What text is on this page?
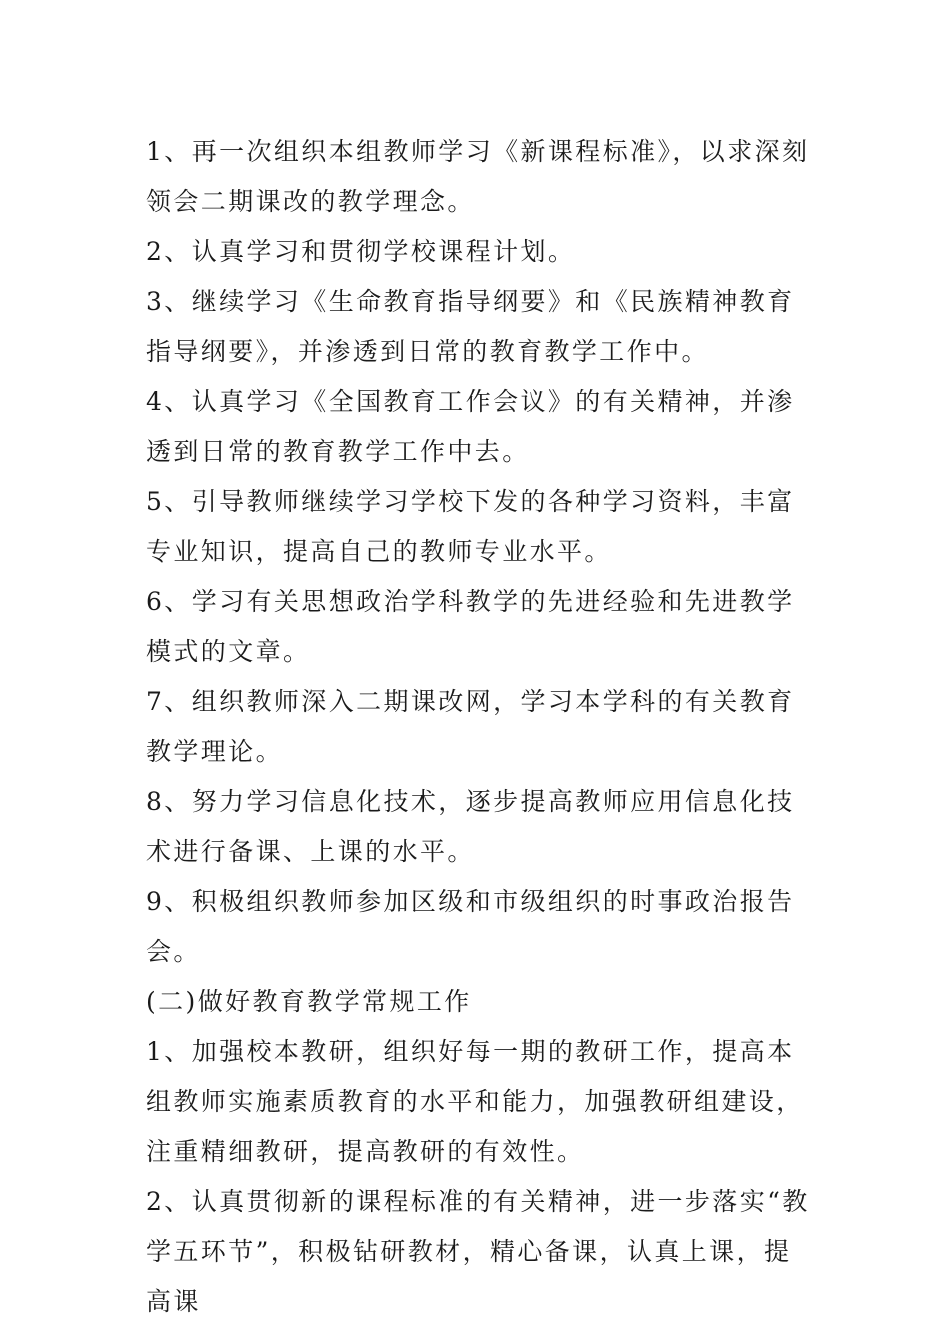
1、再一次组织本组教师学习《新课程标准》，以求深刻领会二期课改的教学理念。

2、认真学习和贯彻学校课程计划。

3、继续学习《生命教育指导纲要》和《民族精神教育指导纲要》，并渗透到日常的教育教学工作中。

4、认真学习《全国教育工作会议》的有关精神，并渗透到日常的教育教学工作中去。

5、引导教师继续学习学校下发的各种学习资料，丰富专业知识，提高自己的教师专业水平。

6、学习有关思想政治学科教学的先进经验和先进教学模式的文章。

7、组织教师深入二期课改网，学习本学科的有关教育教学理论。

8、努力学习信息化技术，逐步提高教师应用信息化技术进行备课、上课的水平。

9、积极组织教师参加区级和市级组织的时事政治报告会。

(二)做好教育教学常规工作

1、加强校本教研，组织好每一期的教研工作，提高本组教师实施素质教育的水平和能力，加强教研组建设，注重精细教研，提高教研的有效性。

2、认真贯彻新的课程标准的有关精神，进一步落实“教学五环节”，积极钻研教材，精心备课，认真上课，提高课
